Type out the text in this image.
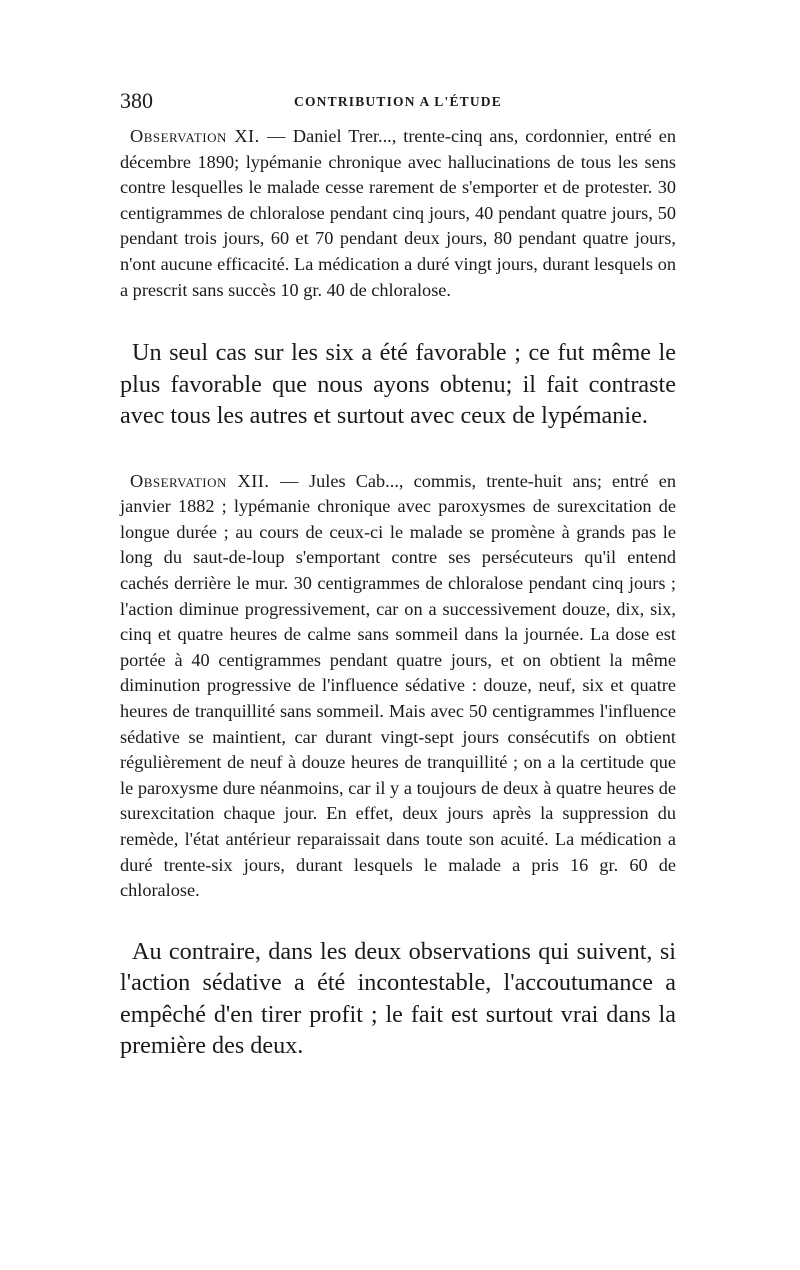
380	CONTRIBUTION A L'ÉTUDE

Observation XI. — Daniel Trer..., trente-cinq ans, cordonnier, entré en décembre 1890; lypémanie chronique avec hallucinations de tous les sens contre lesquelles le malade cesse rarement de s'emporter et de protester. 30 centigrammes de chloralose pendant cinq jours, 40 pendant quatre jours, 50 pendant trois jours, 60 et 70 pendant deux jours, 80 pendant quatre jours, n'ont aucune efficacité. La médication a duré vingt jours, durant lesquels on a prescrit sans succès 10 gr. 40 de chloralose.

Un seul cas sur les six a été favorable ; ce fut même le plus favorable que nous ayons obtenu; il fait contraste avec tous les autres et surtout avec ceux de lypémanie.

Observation XII. — Jules Cab..., commis, trente-huit ans; entré en janvier 1882 ; lypémanie chronique avec paroxysmes de surexcitation de longue durée ; au cours de ceux-ci le malade se promène à grands pas le long du saut-de-loup s'emportant contre ses persécuteurs qu'il entend cachés derrière le mur. 30 centigrammes de chloralose pendant cinq jours ; l'action diminue progressivement, car on a successivement douze, dix, six, cinq et quatre heures de calme sans sommeil dans la journée. La dose est portée à 40 centigrammes pendant quatre jours, et on obtient la même diminution progressive de l'influence sédative : douze, neuf, six et quatre heures de tranquillité sans sommeil. Mais avec 50 centigrammes l'influence sédative se maintient, car durant vingt-sept jours consécutifs on obtient régulièrement de neuf à douze heures de tranquillité ; on a la certitude que le paroxysme dure néanmoins, car il y a toujours de deux à quatre heures de surexcitation chaque jour. En effet, deux jours après la suppression du remède, l'état antérieur reparaissait dans toute son acuité. La médication a duré trente-six jours, durant lesquels le malade a pris 16 gr. 60 de chloralose.

Au contraire, dans les deux observations qui suivent, si l'action sédative a été incontestable, l'accoutumance a empêché d'en tirer profit ; le fait est surtout vrai dans la première des deux.
